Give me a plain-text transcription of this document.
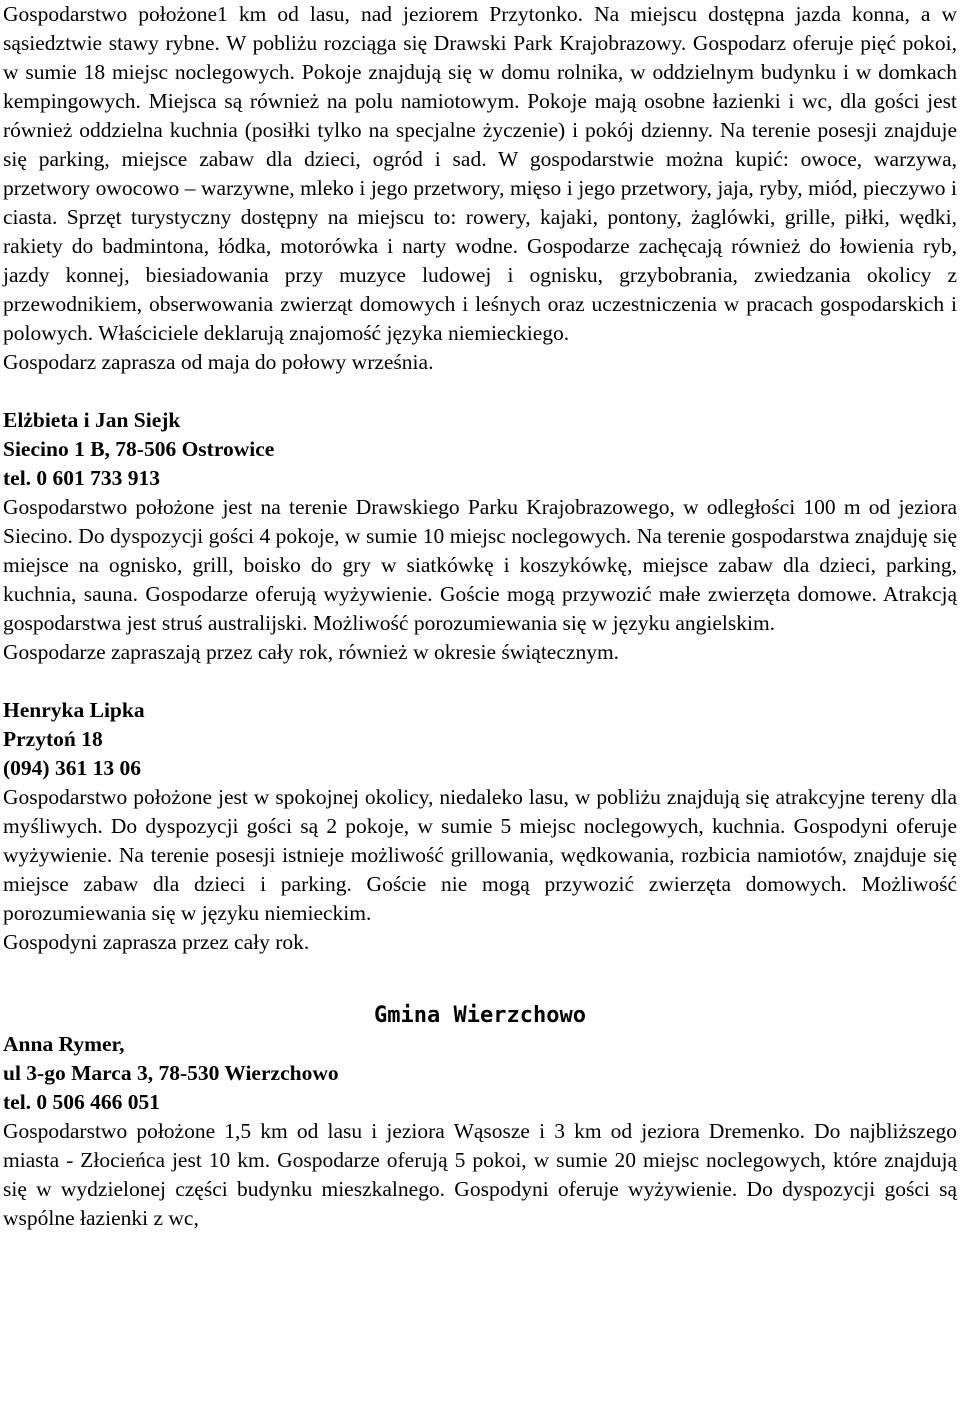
Gospodarstwo położone1 km od lasu, nad jeziorem Przytonko. Na miejscu dostępna jazda konna, a w sąsiedztwie stawy rybne. W pobliżu rozciąga się Drawski Park Krajobrazowy. Gospodarz oferuje pięć pokoi, w sumie 18 miejsc noclegowych. Pokoje znajdują się w domu rolnika, w oddzielnym budynku i w domkach kempingowych. Miejsca są również na polu namiotowym. Pokoje mają osobne łazienki i wc, dla gości jest również oddzielna kuchnia (posiłki tylko na specjalne życzenie) i pokój dzienny. Na terenie posesji znajduje się parking, miejsce zabaw dla dzieci, ogród i sad. W gospodarstwie można kupić: owoce, warzywa, przetwory owocowo – warzywne, mleko i jego przetwory, mięso i jego przetwory, jaja, ryby, miód, pieczywo i ciasta. Sprzęt turystyczny dostępny na miejscu to: rowery, kajaki, pontony, żaglówki, grille, piłki, wędki, rakiety do badmintona, łódka, motorówka i narty wodne. Gospodarze zachęcają również do łowienia ryb, jazdy konnej, biesiadowania przy muzyce ludowej i ognisku, grzybobrania, zwiedzania okolicy z przewodnikiem, obserwowania zwierząt domowych i leśnych oraz uczestniczenia w pracach gospodarskich i polowych. Właściciele deklarują znajomość języka niemieckiego.

Gospodarz zaprasza od maja do połowy września.

Elżbieta i Jan Siejk

Siecino 1 B, 78-506 Ostrowice

tel. 0 601 733 913

Gospodarstwo położone jest na terenie Drawskiego Parku Krajobrazowego, w odległości 100 m od jeziora Siecino. Do dyspozycji gości 4 pokoje, w sumie 10 miejsc noclegowych. Na terenie gospodarstwa znajduję się miejsce na ognisko, grill, boisko do gry w siatkówkę i koszykówkę, miejsce zabaw dla dzieci, parking, kuchnia, sauna. Gospodarze oferują wyżywienie. Goście mogą przywozić małe zwierzęta domowe. Atrakcją gospodarstwa jest struś australijski. Możliwość porozumiewania się w języku angielskim.

Gospodarze zapraszają przez cały rok, również w okresie świątecznym.

Henryka Lipka

Przytoń 18

(094) 361 13 06

Gospodarstwo położone jest w spokojnej okolicy, niedaleko lasu, w pobliżu znajdują się atrakcyjne tereny dla myśliwych. Do dyspozycji gości są 2 pokoje, w sumie 5 miejsc noclegowych, kuchnia. Gospodyni oferuje wyżywienie. Na terenie posesji istnieje możliwość grillowania, wędkowania, rozbicia namiotów, znajduje się miejsce zabaw dla dzieci i parking. Goście nie mogą przywozić zwierzęta domowych. Możliwość porozumiewania się w języku niemieckim.

Gospodyni zaprasza przez cały rok.

Gmina Wierzchowo

Anna Rymer,

ul 3-go Marca 3, 78-530 Wierzchowo

tel. 0 506 466 051

Gospodarstwo położone 1,5 km od lasu i jeziora Wąsosze i 3 km od jeziora Dremenko. Do najbliższego miasta - Złocieńca jest 10 km. Gospodarze oferują 5 pokoi, w sumie 20 miejsc noclegowych, które znajdują się w wydzielonej części budynku mieszkalnego. Gospodyni oferuje wyżywienie. Do dyspozycji gości są wspólne łazienki z wc,
